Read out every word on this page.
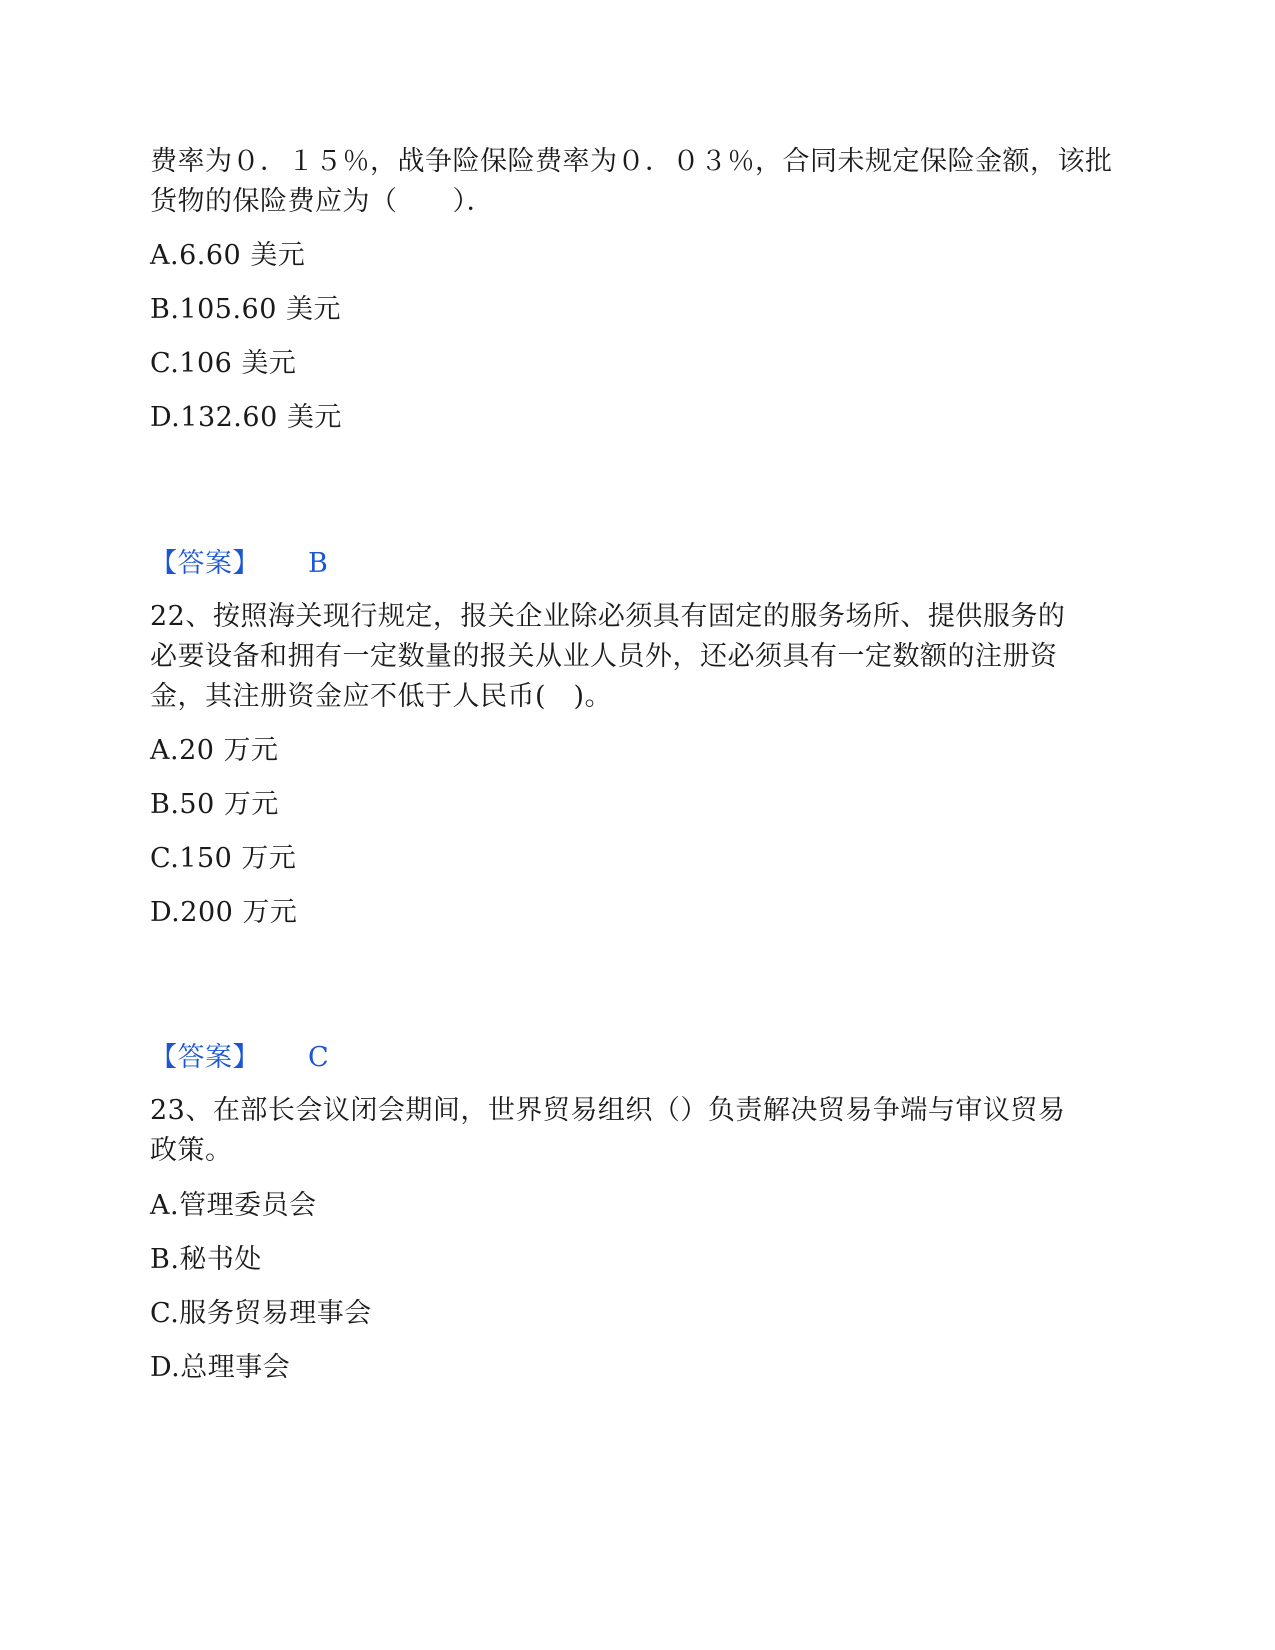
费率为０．１５％，战争险保险费率为０．０３％，合同未规定保险金额，该批
货物的保险费应为（　　）．
A.6.60 美元
B.105.60 美元
C.106 美元
D.132.60 美元
【答案】 B
22、按照海关现行规定，报关企业除必须具有固定的服务场所、提供服务的
必要设备和拥有一定数量的报关从业人员外，还必须具有一定数额的注册资
金，其注册资金应不低于人民币(　)。
A.20 万元
B.50 万元
C.150 万元
D.200 万元
【答案】 C
23、在部长会议闭会期间，世界贸易组织（）负责解决贸易争端与审议贸易
政策。
A.管理委员会
B.秘书处
C.服务贸易理事会
D.总理事会
